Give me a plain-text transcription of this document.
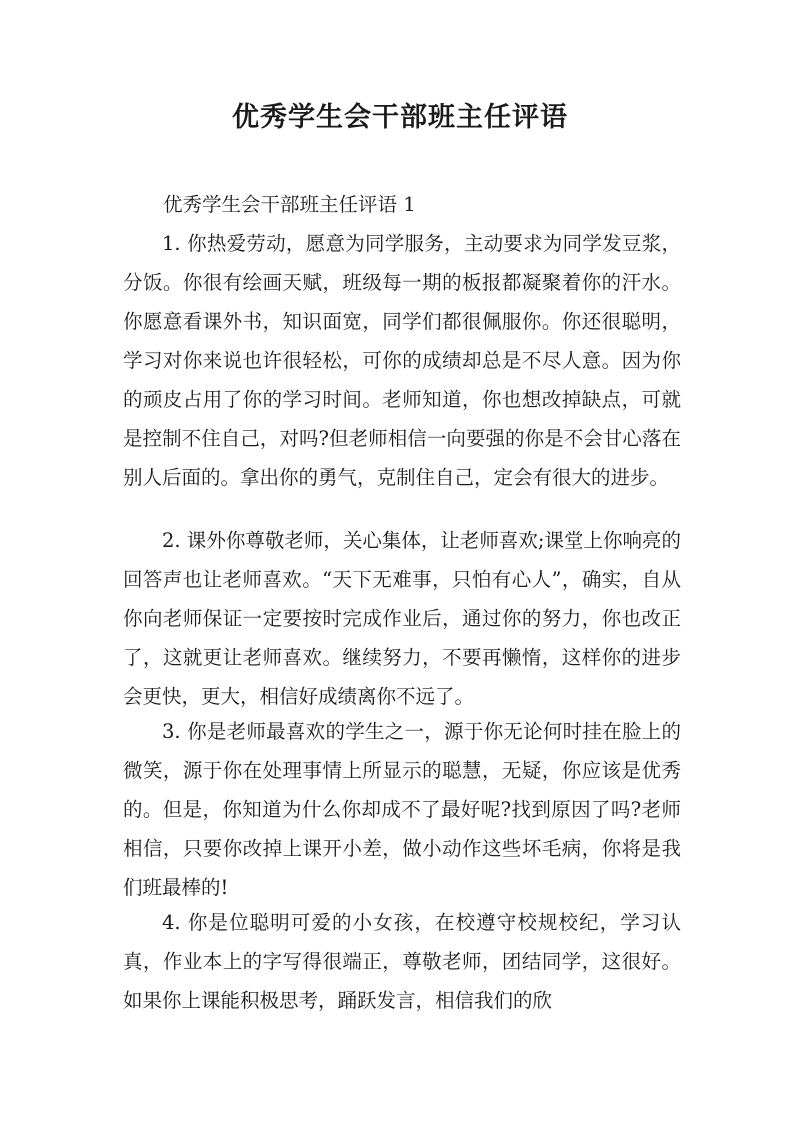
优秀学生会干部班主任评语

优秀学生会干部班主任评语 1

1. 你热爱劳动，愿意为同学服务，主动要求为同学发豆浆，分饭。你很有绘画天赋，班级每一期的板报都凝聚着你的汗水。你愿意看课外书，知识面宽，同学们都很佩服你。你还很聪明，学习对你来说也许很轻松，可你的成绩却总是不尽人意。因为你的顽皮占用了你的学习时间。老师知道，你也想改掉缺点，可就是控制不住自己，对吗?但老师相信一向要强的你是不会甘心落在别人后面的。拿出你的勇气，克制住自己，定会有很大的进步。

2. 课外你尊敬老师，关心集体，让老师喜欢;课堂上你响亮的回答声也让老师喜欢。“天下无难事，只怕有心人”，确实，自从你向老师保证一定要按时完成作业后，通过你的努力，你也改正了，这就更让老师喜欢。继续努力，不要再懒惰，这样你的进步会更快，更大，相信好成绩离你不远了。

3. 你是老师最喜欢的学生之一，源于你无论何时挂在脸上的微笑，源于你在处理事情上所显示的聪慧，无疑，你应该是优秀的。但是，你知道为什么你却成不了最好呢?找到原因了吗?老师相信，只要你改掉上课开小差，做小动作这些坏毛病，你将是我们班最棒的!

4. 你是位聪明可爱的小女孩，在校遵守校规校纪，学习认真，作业本上的字写得很端正，尊敬老师，团结同学，这很好。如果你上课能积极思考，踊跃发言，相信我们的欣
